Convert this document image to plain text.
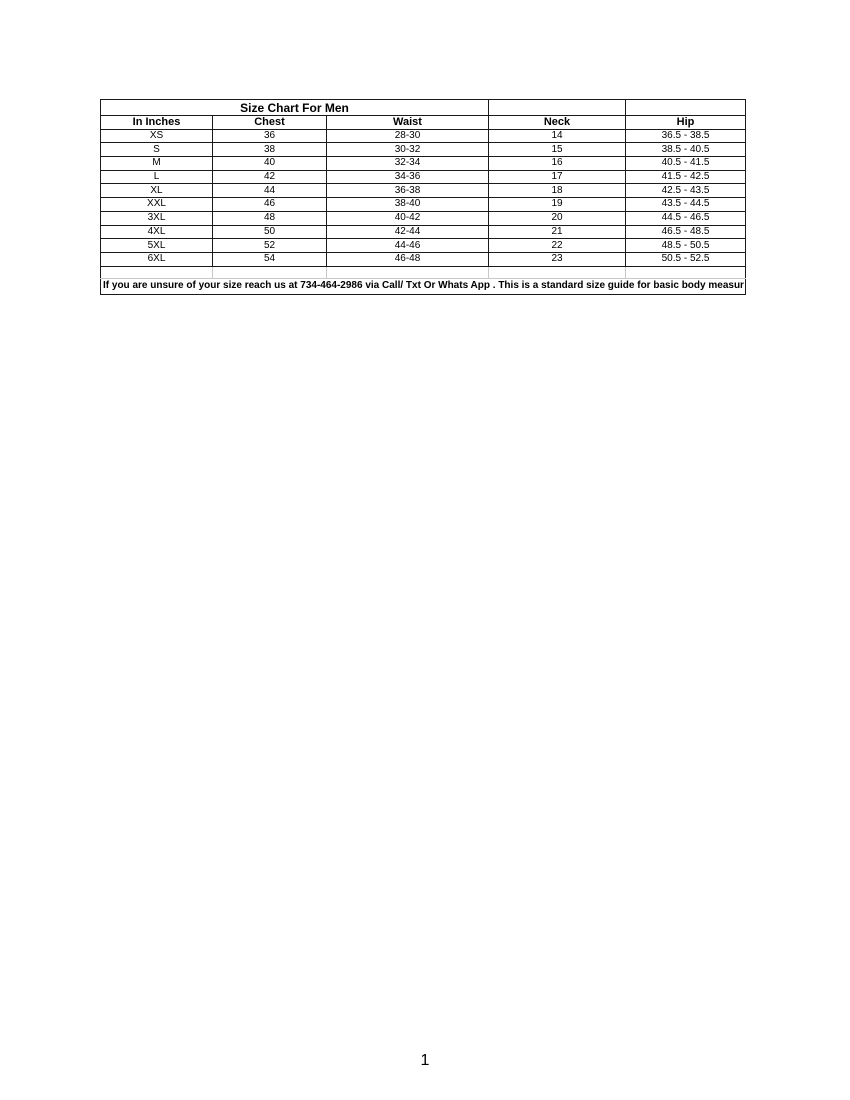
Size Chart For Men				
In Inches	Chest	Waist	Neck	Hip
XS	36	28-30	14	36.5 - 38.5
S	38	30-32	15	38.5 - 40.5
M	40	32-34	16	40.5 - 41.5
L	42	34-36	17	41.5 - 42.5
XL	44	36-38	18	42.5 - 43.5
XXL	46	38-40	19	43.5 - 44.5
3XL	48	40-42	20	44.5 - 46.5
4XL	50	42-44	21	46.5 - 48.5
5XL	52	44-46	22	48.5 - 50.5
6XL	54	46-48	23	50.5 - 52.5

If you are unsure of your size reach us at 734-464-2986 via Call/ Txt Or Whats App . This is a standard size guide for basic body measur				
1
